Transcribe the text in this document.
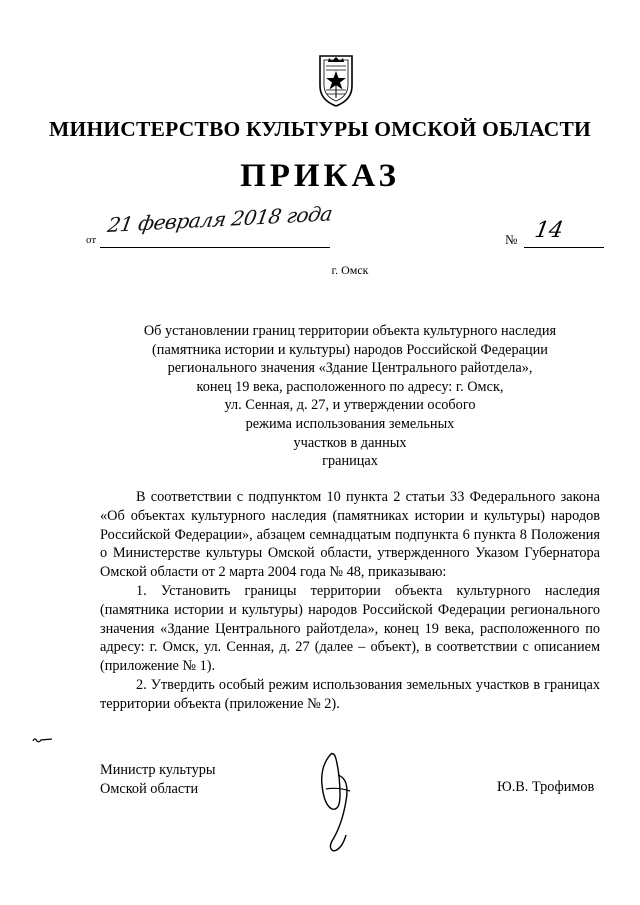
МИНИСТЕРСТВО КУЛЬТУРЫ ОМСКОЙ ОБЛАСТИ
ПРИКАЗ
от
21 февраля 2018 года
№ 14
г. Омск
Об установлении границ территории объекта культурного наследия
(памятника истории и культуры) народов Российской Федерации
регионального значения «Здание Центрального райотдела»,
конец 19 века, расположенного по адресу: г. Омск,
ул. Сенная, д. 27, и утверждении особого
режима использования земельных
участков в данных
границах

В соответствии с подпунктом 10 пункта 2 статьи 33 Федерального закона «Об объектах культурного наследия (памятниках истории и культуры) народов Российской Федерации», абзацем семнадцатым подпункта 6 пункта 8 Положения о Министерстве культуры Омской области, утвержденного Указом Губернатора Омской области от 2 марта 2004 года № 48, приказываю:

1. Установить границы территории объекта культурного наследия (памятника истории и культуры) народов Российской Федерации регионального значения «Здание Центрального райотдела», конец 19 века, расположенного по адресу: г. Омск, ул. Сенная, д. 27 (далее – объект), в соответствии с описанием (приложение № 1).

2. Утвердить особый режим использования земельных участков в границах территории объекта (приложение № 2).

Министр культуры
Омской области	Ю.В. Трофимов
